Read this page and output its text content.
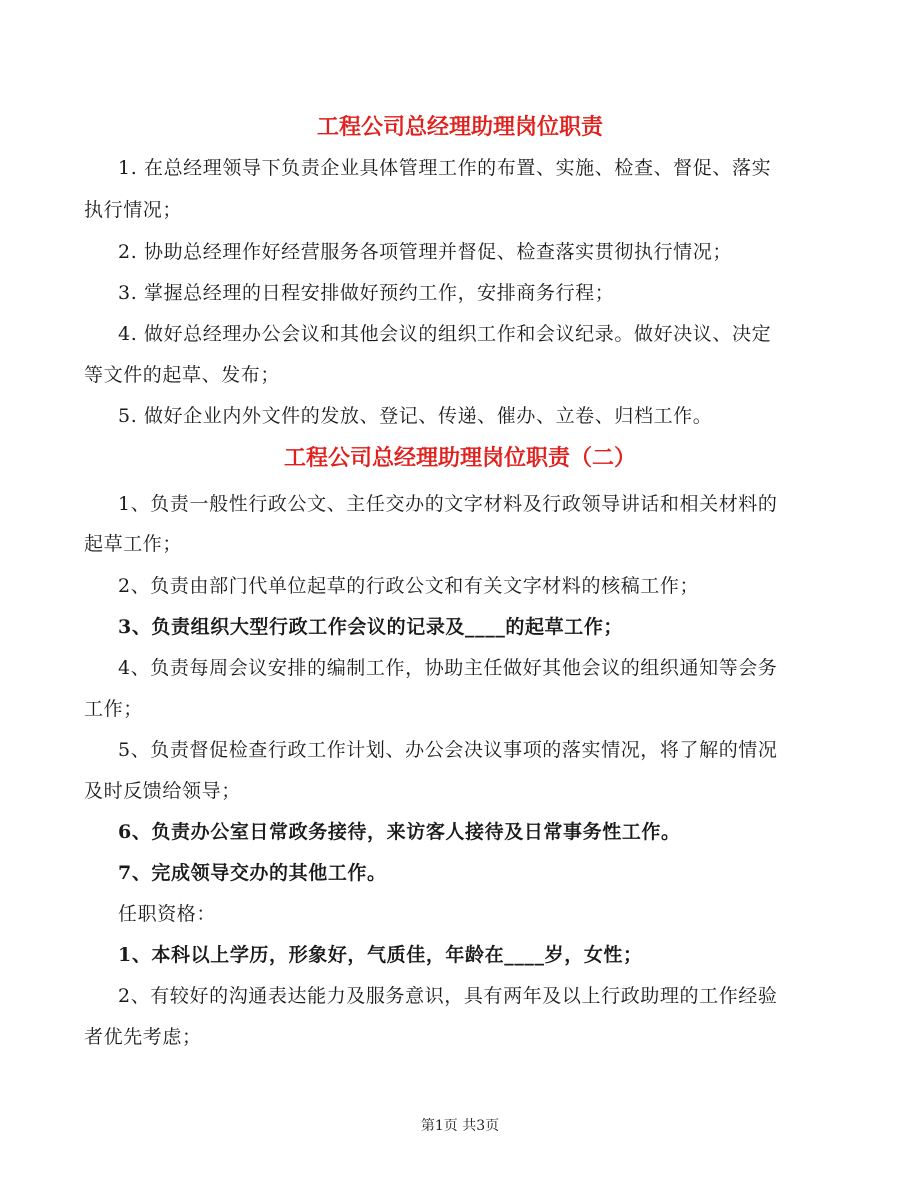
工程公司总经理助理岗位职责
1. 在总经理领导下负责企业具体管理工作的布置、实施、检查、督促、落实
执行情况；
2. 协助总经理作好经营服务各项管理并督促、检查落实贯彻执行情况；
3. 掌握总经理的日程安排做好预约工作，安排商务行程；
4. 做好总经理办公会议和其他会议的组织工作和会议纪录。做好决议、决定
等文件的起草、发布；
5. 做好企业内外文件的发放、登记、传递、催办、立卷、归档工作。
工程公司总经理助理岗位职责（二）
1、负责一般性行政公文、主任交办的文字材料及行政领导讲话和相关材料的
起草工作；
2、负责由部门代单位起草的行政公文和有关文字材料的核稿工作；
3、负责组织大型行政工作会议的记录及____的起草工作；
4、负责每周会议安排的编制工作，协助主任做好其他会议的组织通知等会务
工作；
5、负责督促检查行政工作计划、办公会决议事项的落实情况，将了解的情况
及时反馈给领导；
6、负责办公室日常政务接待，来访客人接待及日常事务性工作。
7、完成领导交办的其他工作。
任职资格：
1、本科以上学历，形象好，气质佳，年龄在____岁，女性；
2、有较好的沟通表达能力及服务意识，具有两年及以上行政助理的工作经验
者优先考虑；
第1页 共3页
